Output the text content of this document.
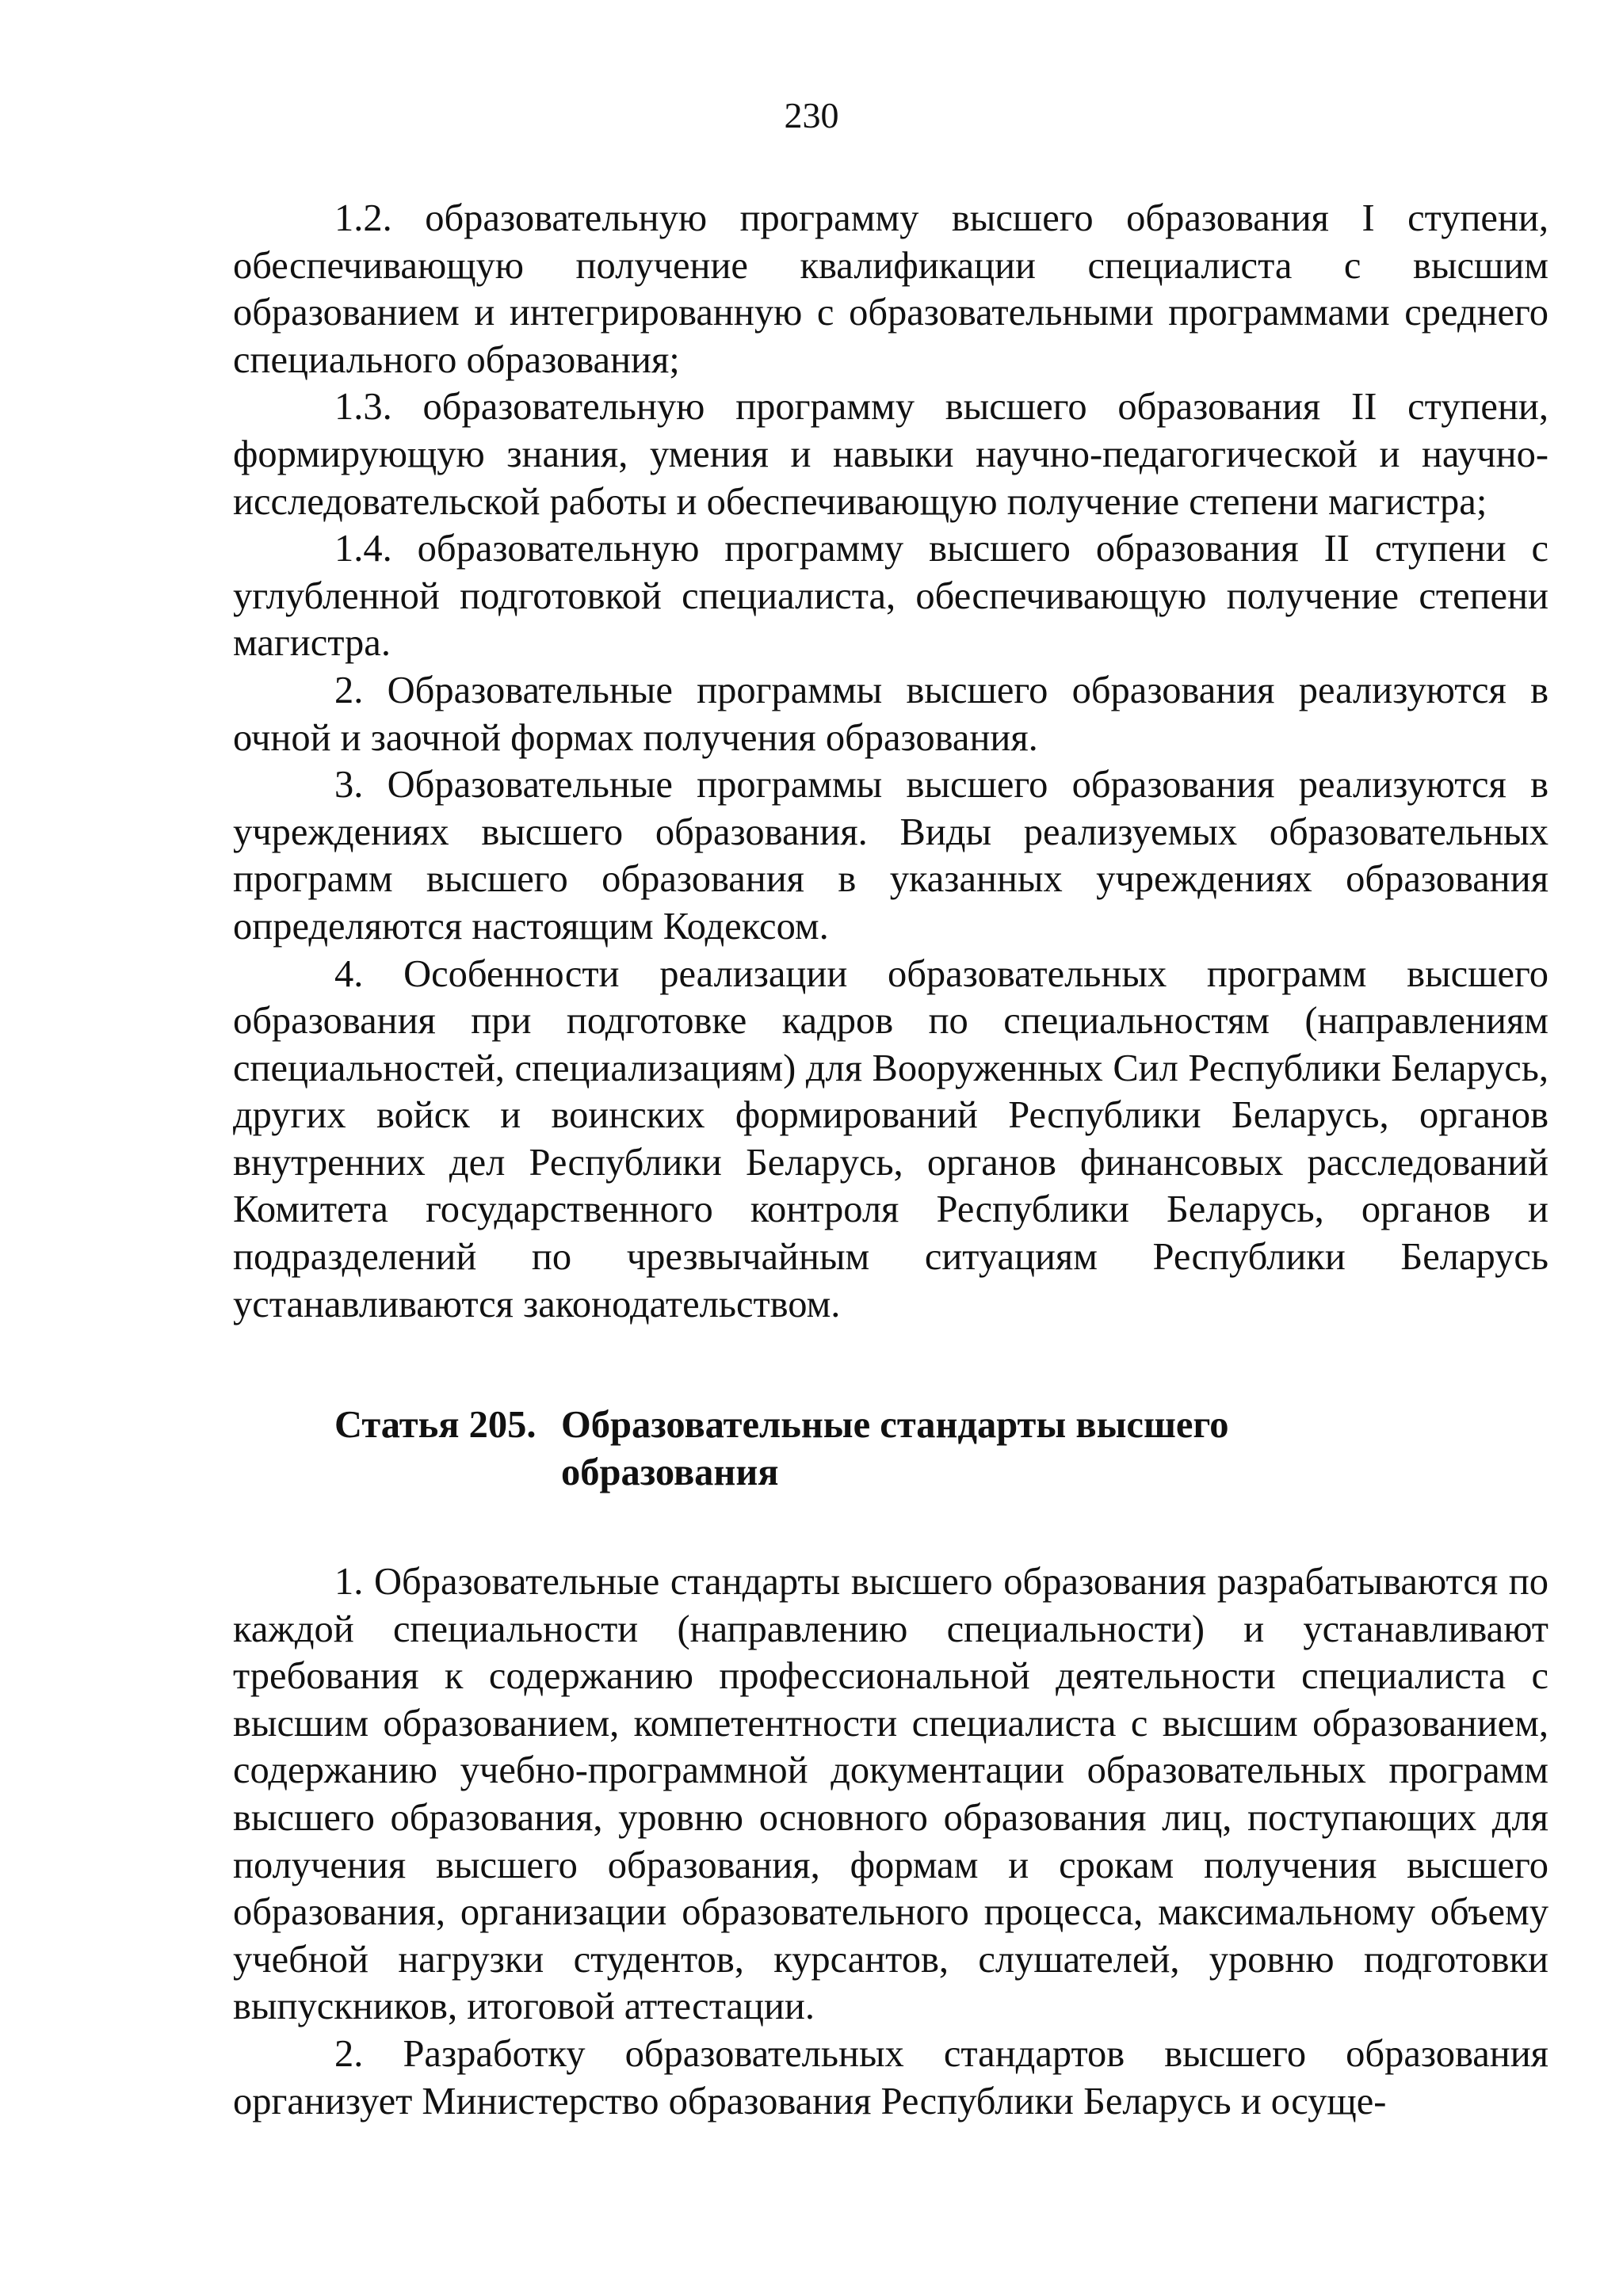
230

1.2. образовательную программу высшего образования I ступени, обеспечивающую получение квалификации специалиста с высшим образованием и интегрированную с образовательными программами среднего специального образования;

1.3. образовательную программу высшего образования II ступени, формирующую знания, умения и навыки научно-педагогической и научно-исследовательской работы и обеспечивающую получение степени магистра;

1.4. образовательную программу высшего образования II ступени с углубленной подготовкой специалиста, обеспечивающую получение степени магистра.

2. Образовательные программы высшего образования реализуются в очной и заочной формах получения образования.

3. Образовательные программы высшего образования реализуются в учреждениях высшего образования. Виды реализуемых образовательных программ высшего образования в указанных учреждениях образования определяются настоящим Кодексом.

4. Особенности реализации образовательных программ высшего образования при подготовке кадров по специальностям (направлениям специальностей, специализациям) для Вооруженных Сил Республики Беларусь, других войск и воинских формирований Республики Беларусь, органов внутренних дел Республики Беларусь, органов финансовых расследований Комитета государственного контроля Республики Беларусь, органов и подразделений по чрезвычайным ситуациям Республики Беларусь устанавливаются законодательством.

Статья 205. Образовательные стандарты высшего образования

1. Образовательные стандарты высшего образования разрабатываются по каждой специальности (направлению специальности) и устанавливают требования к содержанию профессиональной деятельности специалиста с высшим образованием, компетентности специалиста с высшим образованием, содержанию учебно-программной документации образовательных программ высшего образования, уровню основного образования лиц, поступающих для получения высшего образования, формам и срокам получения высшего образования, организации образовательного процесса, максимальному объему учебной нагрузки студентов, курсантов, слушателей, уровню подготовки выпускников, итоговой аттестации.

2. Разработку образовательных стандартов высшего образования организует Министерство образования Республики Беларусь и осуще-
